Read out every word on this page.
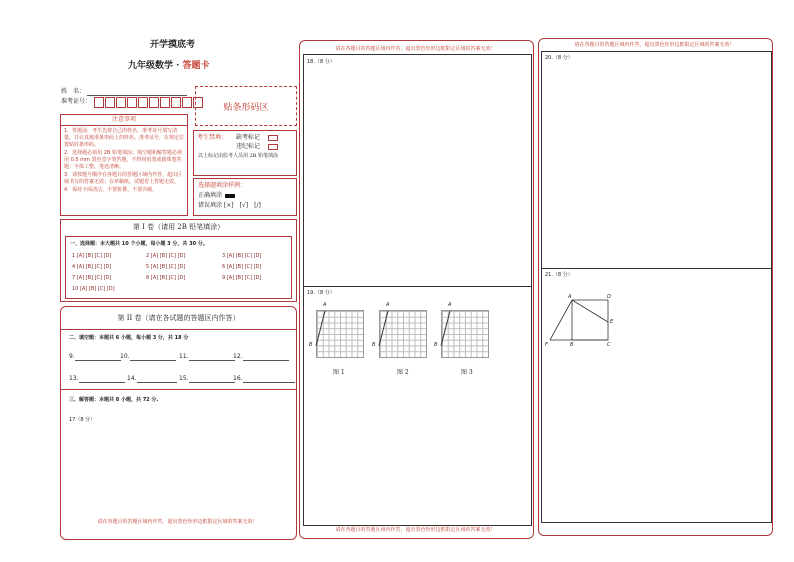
开学摸底考
九年级数学 · 答题卡
姓　名：
准考证号：
贴条形码区
注意事项
1．答题前，考生先将自己的姓名，准考证号填写清楚，并认真核准条形码上的姓名、准考证号，在规定位置贴好条形码。
2．选择题必须用 2B 铅笔填涂；填空题和解答题必须用 0.5 mm 黑色签字笔答题，不得用铅笔或圆珠笔答题；字体工整、笔迹清晰。
3．请按题号顺序在各题目的答题区域内作答，超出区域书写的答案无效；在草稿纸、试题卷上答题无效。
4．保持卡面清洁，不要折叠、不要弄破。
考生禁填： 缺考标记
违纪标记
以上标记由监考人员用 2B 铅笔填涂
选择题填涂样例：
正确填涂
错误填涂 [×]　[√]　[/]
第 I 卷（请用 2B 铅笔填涂）
一、选择题：本大题共 10 个小题，每小题 3 分，共 30 分。
1 [A] [B] [C] [D]	2 [A] [B] [C] [D]	3 [A] [B] [C] [D]
4 [A] [B] [C] [D]	5 [A] [B] [C] [D]	6 [A] [B] [C] [D]
7 [A] [B] [C] [D]	8 [A] [B] [C] [D]	9 [A] [B] [C] [D]
10 [A] [B] [C] [D]
第 II 卷（请在各试题的答题区内作答）
二、填空题：本题共 6 小题，每小题 3 分，共 18 分
9.	10.	11.	12.
13.	14.	15.	16.
三、解答题：本题共 8 小题，共 72 分.
17（8 分）
请在各题目的答题区域内作答，超出黑色矩形边框限定区域的答案无效！
请在各题目的答题区域内作答，超出黑色矩形边框限定区域的答案无效！
请在各题目的答题区域内作答，超出黑色矩形边框限定区域的答案无效！
18.（8 分）
19.（8 分）
A
B
A
B
A
B
图 1	图 2	图 3
请在各题目的答题区域内作答，超出黑色矩形边框限定区域的答案无效！
20.（8 分）
21.（8 分）
A	D
E
F	B	C
